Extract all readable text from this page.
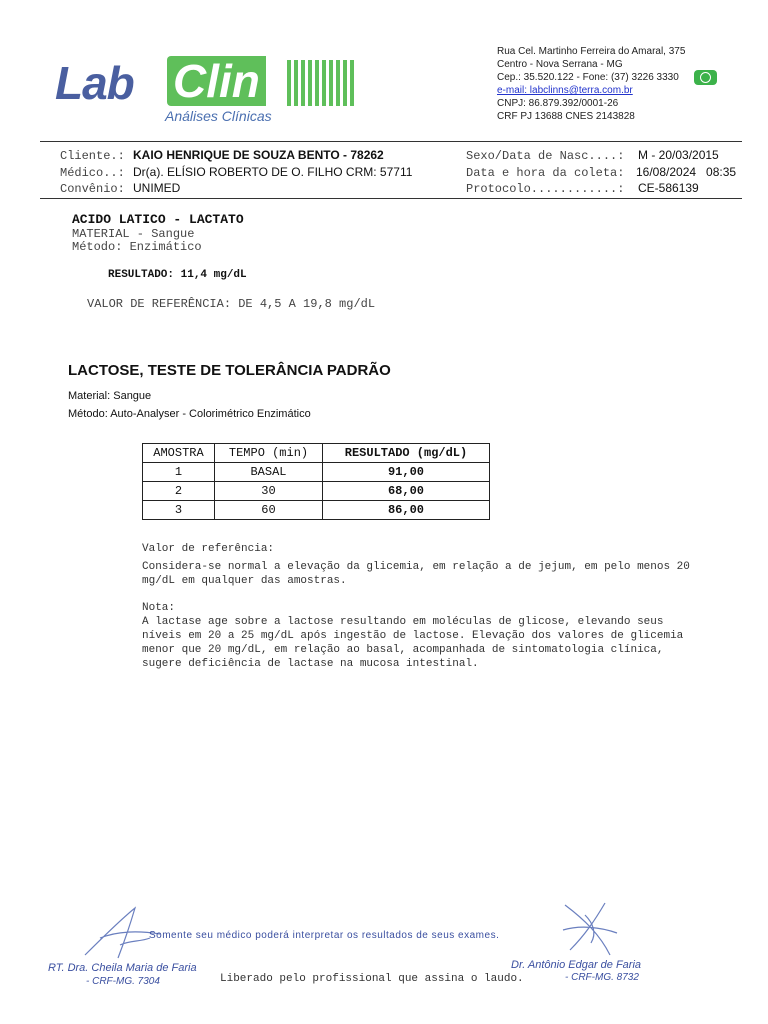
Lab Clin
Análises Clínicas
Rua Cel. Martinho Ferreira do Amaral, 375
Centro - Nova Serrana - MG
Cep.: 35.520.122 - Fone: (37) 3226 3330
e-mail: labclinns@terra.com.br
CNPJ: 86.879.392/0001-26
CRF PJ 13688 CNES 2143828
Cliente.: KAIO HENRIQUE DE SOUZA BENTO - 78262
Médico..: Dr(a). ELÍSIO ROBERTO DE O. FILHO CRM: 57711
Convênio: UNIMED
Sexo/Data de Nasc....: M - 20/03/2015
Data e hora da coleta: 16/08/2024   08:35
Protocolo............: CE-586139
ACIDO LATICO - LACTATO
MATERIAL - Sangue
Método: Enzimático
RESULTADO: 11,4 mg/dL
VALOR DE REFERÊNCIA: DE 4,5 A 19,8 mg/dL
LACTOSE, TESTE DE TOLERÂNCIA PADRÃO
Material: Sangue
Método: Auto-Analyser - Colorimétrico Enzimático
AMOSTRA	TEMPO (min)	RESULTADO (mg/dL)
1	BASAL	91,00
2	30	68,00
3	60	86,00
Valor de referência:
Considera-se normal a elevação da glicemia, em relação a de jejum, em pelo menos 20
mg/dL em qualquer das amostras.
Nota:
A lactase age sobre a lactose resultando em moléculas de glicose, elevando seus
níveis em 20 a 25 mg/dL após ingestão de lactose. Elevação dos valores de glicemia
menor que 20 mg/dL, em relação ao basal, acompanhada de sintomatologia clínica,
sugere deficiência de lactase na mucosa intestinal.
Somente seu médico poderá interpretar os resultados de seus exames.
RT. Dra. Cheila Maria de Faria
- CRF-MG. 7304	Liberado pelo profissional que assina o laudo.
Dr. Antônio Edgar de Faria
- CRF-MG. 8732
